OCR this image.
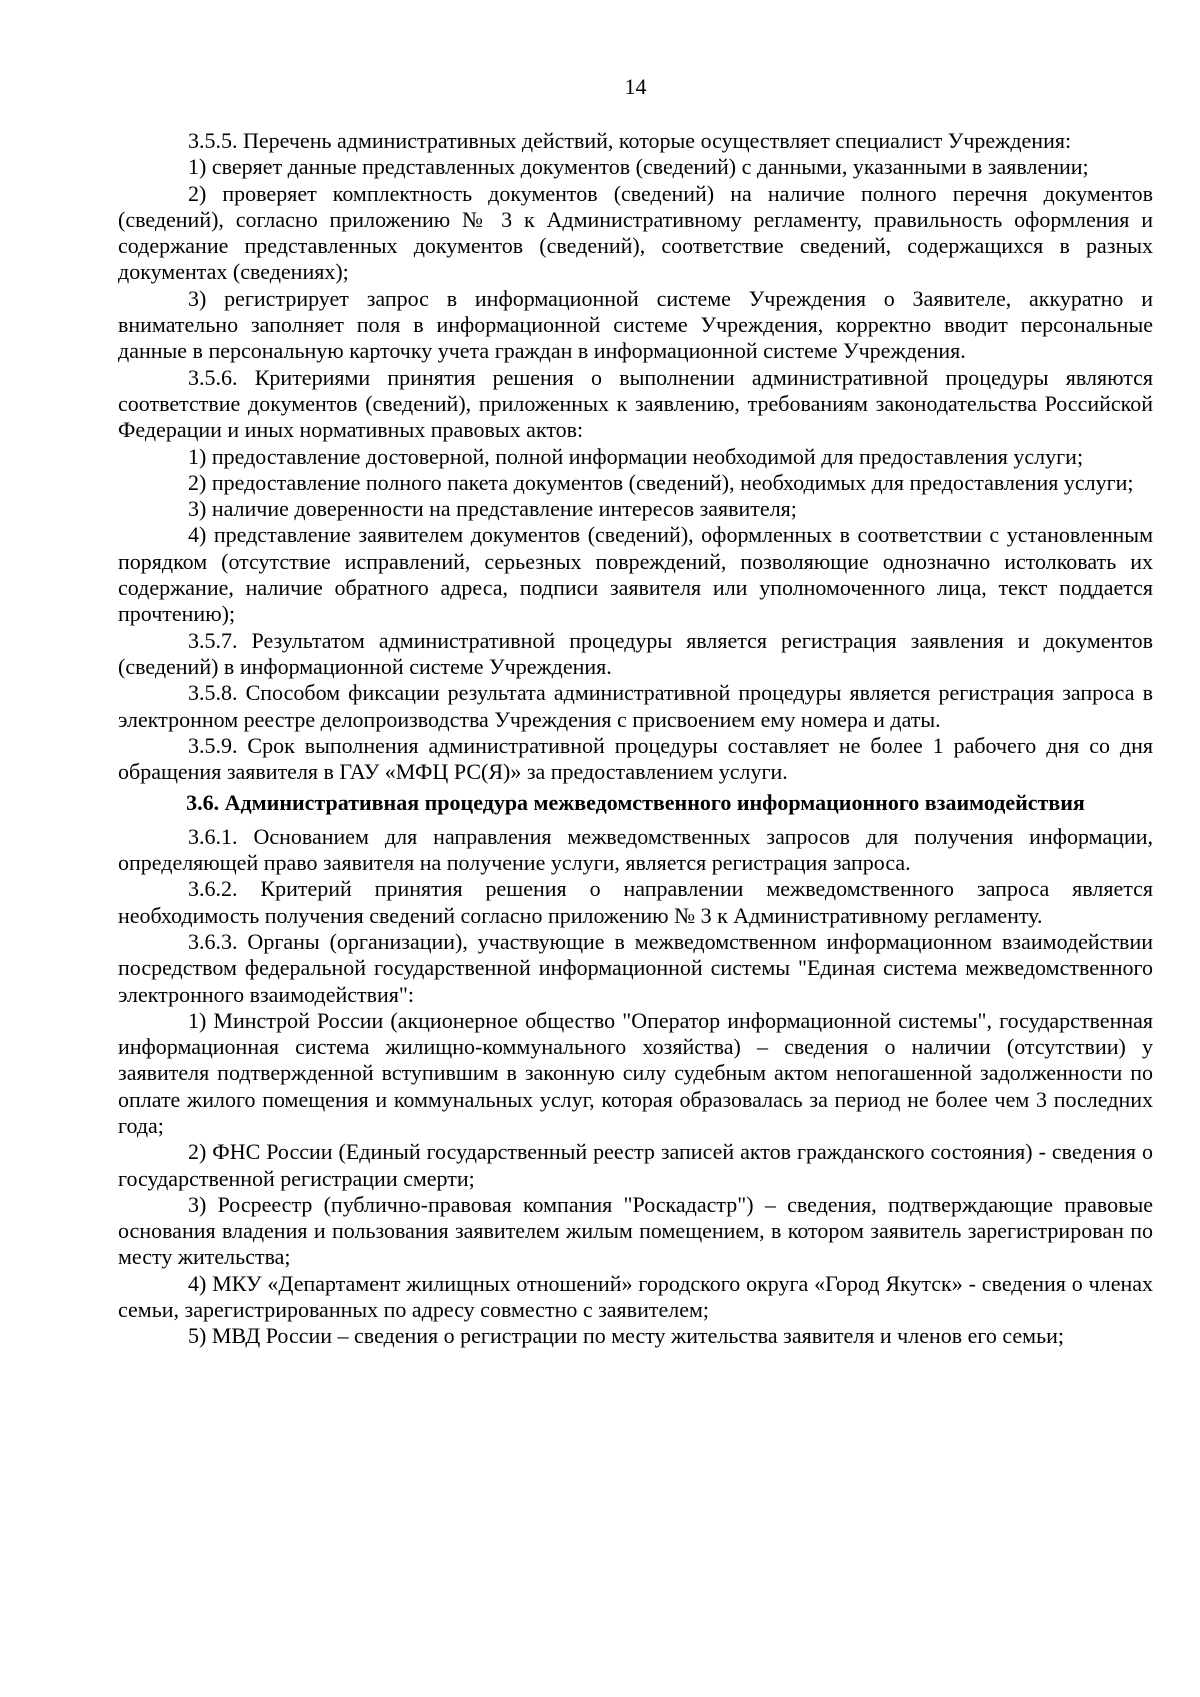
14

3.5.5. Перечень административных действий, которые осуществляет специалист Учреждения:

1) сверяет данные представленных документов (сведений) с данными, указанными в заявлении;

2) проверяет комплектность документов (сведений) на наличие полного перечня документов (сведений), согласно приложению № 3 к Административному регламенту, правильность оформления и содержание представленных документов (сведений), соответствие сведений, содержащихся в разных документах (сведениях);

3) регистрирует запрос в информационной системе Учреждения о Заявителе, аккуратно и внимательно заполняет поля в информационной системе Учреждения, корректно вводит персональные данные в персональную карточку учета граждан в информационной системе Учреждения.

3.5.6. Критериями принятия решения о выполнении административной процедуры являются соответствие документов (сведений), приложенных к заявлению, требованиям законодательства Российской Федерации и иных нормативных правовых актов:

1) предоставление достоверной, полной информации необходимой для предоставления услуги;

2) предоставление полного пакета документов (сведений), необходимых для предоставления услуги;

3) наличие доверенности на представление интересов заявителя;

4) представление заявителем документов (сведений), оформленных в соответствии с установленным порядком (отсутствие исправлений, серьезных повреждений, позволяющие однозначно истолковать их содержание, наличие обратного адреса, подписи заявителя или уполномоченного лица, текст поддается прочтению);

3.5.7. Результатом административной процедуры является регистрация заявления и документов (сведений) в информационной системе Учреждения.

3.5.8. Способом фиксации результата административной процедуры является регистрация запроса в электронном реестре делопроизводства Учреждения с присвоением ему номера и даты.

3.5.9. Срок выполнения административной процедуры составляет не более 1 рабочего дня со дня обращения заявителя в ГАУ «МФЦ РС(Я)» за предоставлением услуги.

3.6. Административная процедура межведомственного информационного взаимодействия

3.6.1. Основанием для направления межведомственных запросов для получения информации, определяющей право заявителя на получение услуги, является регистрация запроса.

3.6.2. Критерий принятия решения о направлении межведомственного запроса является необходимость получения сведений согласно приложению № 3 к Административному регламенту.

3.6.3. Органы (организации), участвующие в межведомственном информационном взаимодействии посредством федеральной государственной информационной системы "Единая система межведомственного электронного взаимодействия":

1) Минстрой России (акционерное общество "Оператор информационной системы", государственная информационная система жилищно-коммунального хозяйства) – сведения о наличии (отсутствии) у заявителя подтвержденной вступившим в законную силу судебным актом непогашенной задолженности по оплате жилого помещения и коммунальных услуг, которая образовалась за период не более чем 3 последних года;

2) ФНС России (Единый государственный реестр записей актов гражданского состояния) - сведения о государственной регистрации смерти;

3) Росреестр (публично-правовая компания "Роскадастр") – сведения, подтверждающие правовые основания владения и пользования заявителем жилым помещением, в котором заявитель зарегистрирован по месту жительства;

4) МКУ «Департамент жилищных отношений» городского округа «Город Якутск» - сведения о членах семьи, зарегистрированных по адресу совместно с заявителем;

5) МВД России – сведения о регистрации по месту жительства заявителя и членов его семьи;
